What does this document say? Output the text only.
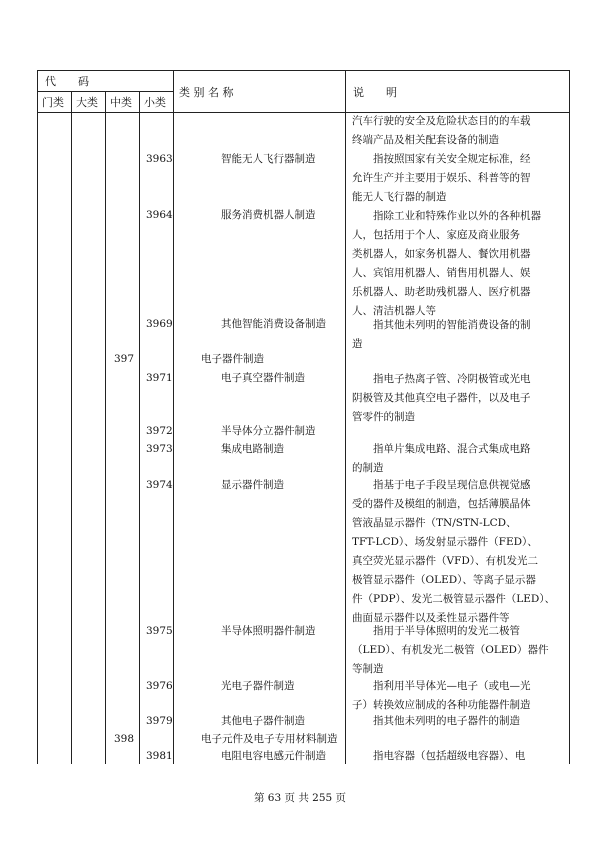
代　　码
门类 大类 中类 小类
类 别 名 称	说　　明
汽车行驶的安全及危险状态目的的车载
终端产品及相关配套设备的制造
3963	智能无人飞行器制造	　　指按照国家有关安全规定标准，经
允许生产并主要用于娱乐、科普等的智
能无人飞行器的制造
3964	服务消费机器人制造	　　指除工业和特殊作业以外的各种机器
人，包括用于个人、家庭及商业服务
类机器人，如家务机器人、餐饮用机器
人、宾馆用机器人、销售用机器人、娱
乐机器人、助老助残机器人、医疗机器
人、清洁机器人等
3969	其他智能消费设备制造 　　指其他未列明的智能消费设备的制
造
397	电子器件制造
3971	电子真空器件制造	　　指电子热离子管、冷阴极管或光电
阴极管及其他真空电子器件，以及电子
管零件的制造
3972	半导体分立器件制造
3973	集成电路制造	　　指单片集成电路、混合式集成电路
的制造
3974	显示器件制造	　　指基于电子手段呈现信息供视觉感
受的器件及模组的制造，包括薄膜晶体
管液晶显示器件（TN/STN-LCD、
TFT-LCD）、场发射显示器件（FED）、
真空荧光显示器件（VFD）、有机发光二
极管显示器件（OLED）、等离子显示器
件（PDP）、发光二极管显示器件（LED）、
曲面显示器件以及柔性显示器件等
3975	半导体照明器件制造	　　指用于半导体照明的发光二极管
（LED）、有机发光二极管（OLED）器件
等制造
3976	光电子器件制造	　　指利用半导体光—电子（或电—光
子）转换效应制成的各种功能器件制造
3979	其他电子器件制造	　　指其他未列明的电子器件的制造
398	电子元件及电子专用材料制造
3981	电阻电容电感元件制造 　　指电容器（包括超级电容器）、电
第 63 页 共 255 页
